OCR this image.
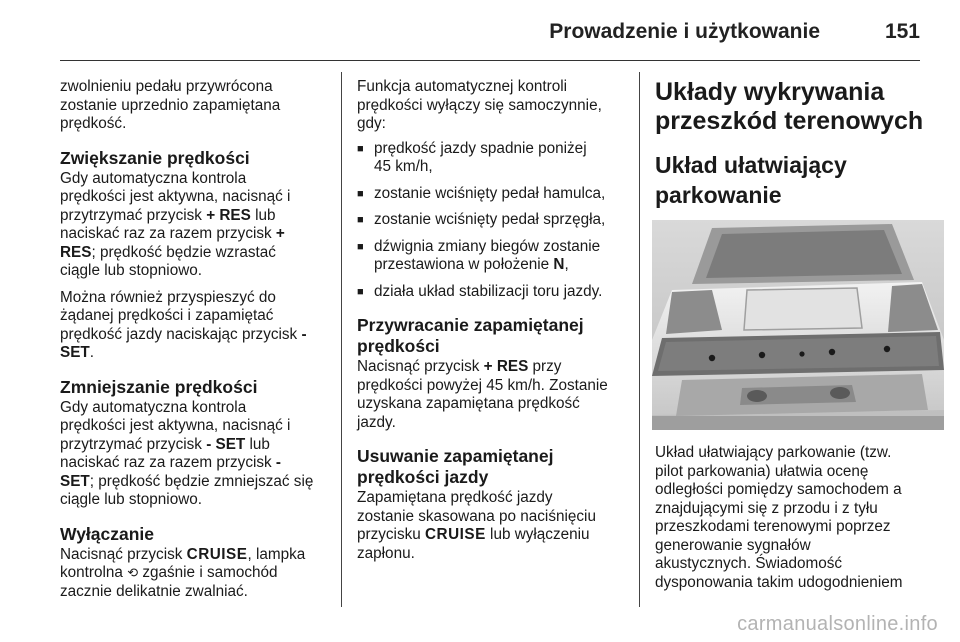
Prowadzenie i użytkowanie	151

zwolnieniu pedału przywrócona
zostanie uprzednio zapamiętana
prędkość.

Zwiększanie prędkości

Gdy automatyczna kontrola
prędkości jest aktywna, nacisnąć i
przytrzymać przycisk + RES lub
naciskać raz za razem przycisk +
RES; prędkość będzie wzrastać
ciągle lub stopniowo.

Można również przyspieszyć do
żądanej prędkości i zapamiętać
prędkość jazdy naciskając przycisk -
SET.

Zmniejszanie prędkości

Gdy automatyczna kontrola
prędkości jest aktywna, nacisnąć i
przytrzymać przycisk - SET lub
naciskać raz za razem przycisk -
SET; prędkość będzie zmniejszać się
ciągle lub stopniowo.

Wyłączanie

Nacisnąć przycisk CRUISE, lampka
kontrolna ⟲ zgaśnie i samochód
zacznie delikatnie zwalniać.

Funkcja automatycznej kontroli
prędkości wyłączy się samoczynnie,
gdy:

■ prędkość jazdy spadnie poniżej
45 km/h,
■ zostanie wciśnięty pedał hamulca,
■ zostanie wciśnięty pedał sprzęgła,
■ dźwignia zmiany biegów zostanie
przestawiona w położenie N,
■ działa układ stabilizacji toru jazdy.
Przywracanie zapamiętanej
prędkości

Nacisnąć przycisk + RES przy
prędkości powyżej 45 km/h. Zostanie
uzyskana zapamiętana prędkość
jazdy.

Usuwanie zapamiętanej
prędkości jazdy

Zapamiętana prędkość jazdy
zostanie skasowana po naciśnięciu
przycisku CRUISE lub wyłączeniu
zapłonu.

Układy wykrywania
przeszkód terenowych
Układ ułatwiający
parkowanie

Układ ułatwiający parkowanie (tzw.
pilot parkowania) ułatwia ocenę
odległości pomiędzy samochodem a
znajdującymi się z przodu i z tyłu
przeszkodami terenowymi poprzez
generowanie sygnałów
akustycznych. Świadomość
dysponowania takim udogodnieniem

carmanualsonline.info
